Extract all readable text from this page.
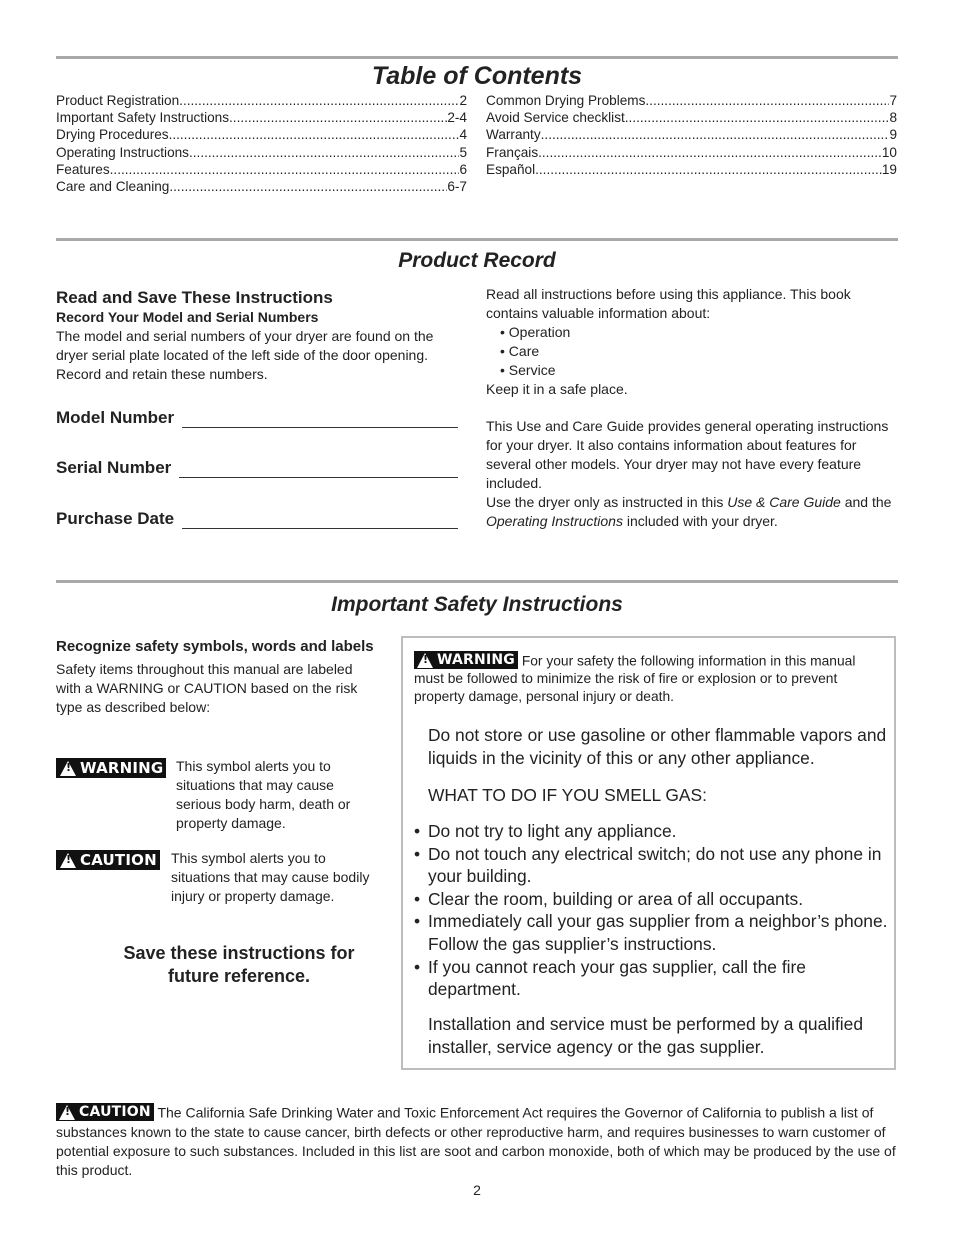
Table of Contents
Product Registration .....	2
Important Safety Instructions .....	2-4
Drying Procedures .....	4
Operating Instructions .....	5
Features .....	6
Care and Cleaning .....	6-7
Common Drying Problems .....	7
Avoid Service checklist .....	8
Warranty .....	9
Français .....	10
Español .....	19
Product Record
Read and Save These Instructions
Record Your Model and Serial Numbers
The model and serial numbers of your dryer are found on the dryer serial plate located of the left side of the door opening. Record and retain these numbers.
Model Number
Serial Number
Purchase Date
Read all instructions before using this appliance. This book contains valuable information about:
• Operation
• Care
• Service
Keep it in a safe place.
This Use and Care Guide provides general operating instructions for your dryer. It also contains information about features for several other models. Your dryer may not have every feature included.
Use the dryer only as instructed in this Use & Care Guide and the Operating Instructions included with your dryer.
Important Safety Instructions
Recognize safety symbols, words and labels
Safety items throughout this manual are labeled with a WARNING or CAUTION based on the risk type as described below:
!
WARNING This symbol alerts you to situations that may cause serious body harm, death or property damage.
!
CAUTION This symbol alerts you to situations that may cause bodily injury or property damage.
Save these instructions for future reference.
!
WARNING For your safety the following information in this manual must be followed to minimize the risk of fire or explosion or to prevent property damage, personal injury or death.
Do not store or use gasoline or other flammable vapors and liquids in the vicinity of this or any other appliance.
WHAT TO DO IF YOU SMELL GAS:
• Do not try to light any appliance.
• Do not touch any electrical switch; do not use any phone in your building.
• Clear the room, building or area of all occupants.
• Immediately call your gas supplier from a neighbor’s phone. Follow the gas supplier’s instructions.
• If you cannot reach your gas supplier, call the fire department.
Installation and service must be performed by a qualified installer, service agency or the gas supplier.
!
CAUTION The California Safe Drinking Water and Toxic Enforcement Act requires the Governor of California to publish a list of substances known to the state to cause cancer, birth defects or other reproductive harm, and requires businesses to warn customer of potential exposure to such substances. Included in this list are soot and carbon monoxide, both of which may be produced by the use of this product.
2
